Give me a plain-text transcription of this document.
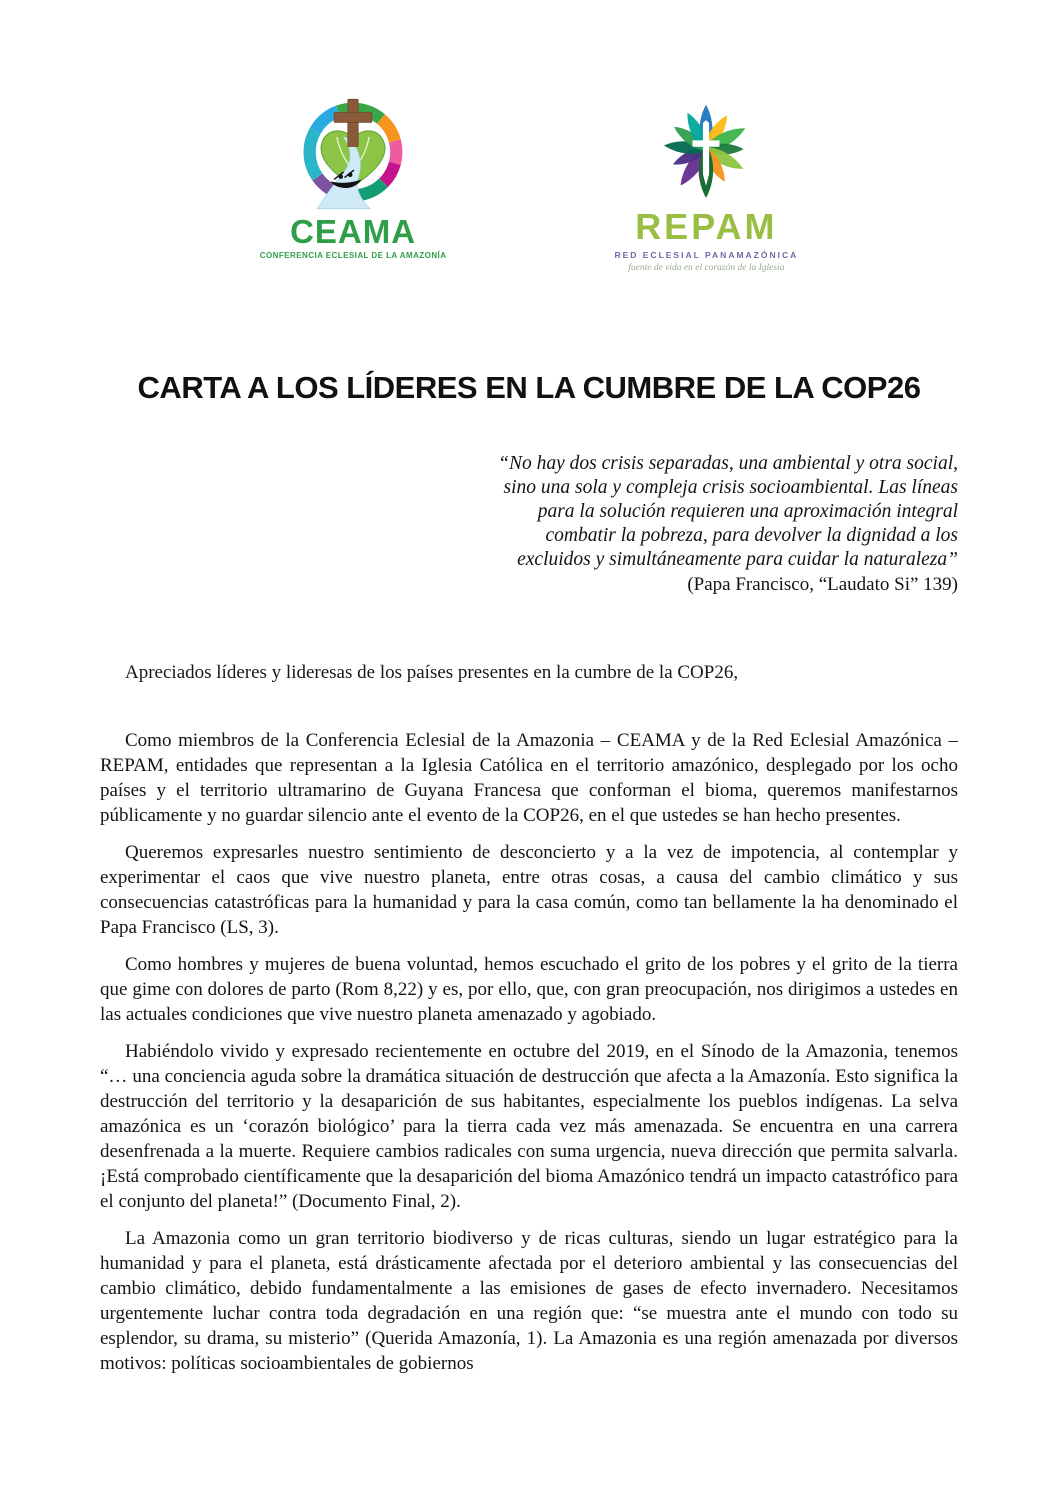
CEAMA
CONFERENCIA ECLESIAL DE LA AMAZONÍA
REPAM
RED ECLESIAL PANAMAZÓNICA
fuente de vida en el corazón de la Iglesia
CARTA A LOS LÍDERES EN LA CUMBRE DE LA COP26
“No hay dos crisis separadas, una ambiental y otra social,
sino una sola y compleja crisis socioambiental. Las líneas
para la solución requieren una aproximación integral
combatir la pobreza, para devolver la dignidad a los
excluidos y simultáneamente para cuidar la naturaleza”
(Papa Francisco, “Laudato Si” 139)

Apreciados líderes y lideresas de los países presentes en la cumbre de la COP26,

Como miembros de la Conferencia Eclesial de la Amazonia – CEAMA y de la Red Eclesial Amazónica – REPAM, entidades que representan a la Iglesia Católica en el territorio amazónico, desplegado por los ocho países y el territorio ultramarino de Guyana Francesa que conforman el bioma, queremos manifestarnos públicamente y no guardar silencio ante el evento de la COP26, en el que ustedes se han hecho presentes.

Queremos expresarles nuestro sentimiento de desconcierto y a la vez de impotencia, al contemplar y experimentar el caos que vive nuestro planeta, entre otras cosas, a causa del cambio climático y sus consecuencias catastróficas para la humanidad y para la casa común, como tan bellamente la ha denominado el Papa Francisco (LS, 3).

Como hombres y mujeres de buena voluntad, hemos escuchado el grito de los pobres y el grito de la tierra que gime con dolores de parto (Rom 8,22) y es, por ello, que, con gran preocupación, nos dirigimos a ustedes en las actuales condiciones que vive nuestro planeta amenazado y agobiado.

Habiéndolo vivido y expresado recientemente en octubre del 2019, en el Sínodo de la Amazonia, tenemos “… una conciencia aguda sobre la dramática situación de destrucción que afecta a la Amazonía. Esto significa la destrucción del territorio y la desaparición de sus habitantes, especialmente los pueblos indígenas. La selva amazónica es un ‘corazón biológico’ para la tierra cada vez más amenazada. Se encuentra en una carrera desenfrenada a la muerte. Requiere cambios radicales con suma urgencia, nueva dirección que permita salvarla. ¡Está comprobado científicamente que la desaparición del bioma Amazónico tendrá un impacto catastrófico para el conjunto del planeta!” (Documento Final, 2).

La Amazonia como un gran territorio biodiverso y de ricas culturas, siendo un lugar estratégico para la humanidad y para el planeta, está drásticamente afectada por el deterioro ambiental y las consecuencias del cambio climático, debido fundamentalmente a las emisiones de gases de efecto invernadero. Necesitamos urgentemente luchar contra toda degradación en una región que: “se muestra ante el mundo con todo su esplendor, su drama, su misterio” (Querida Amazonía, 1). La Amazonia es una región amenazada por diversos motivos: políticas socioambientales de gobiernos
